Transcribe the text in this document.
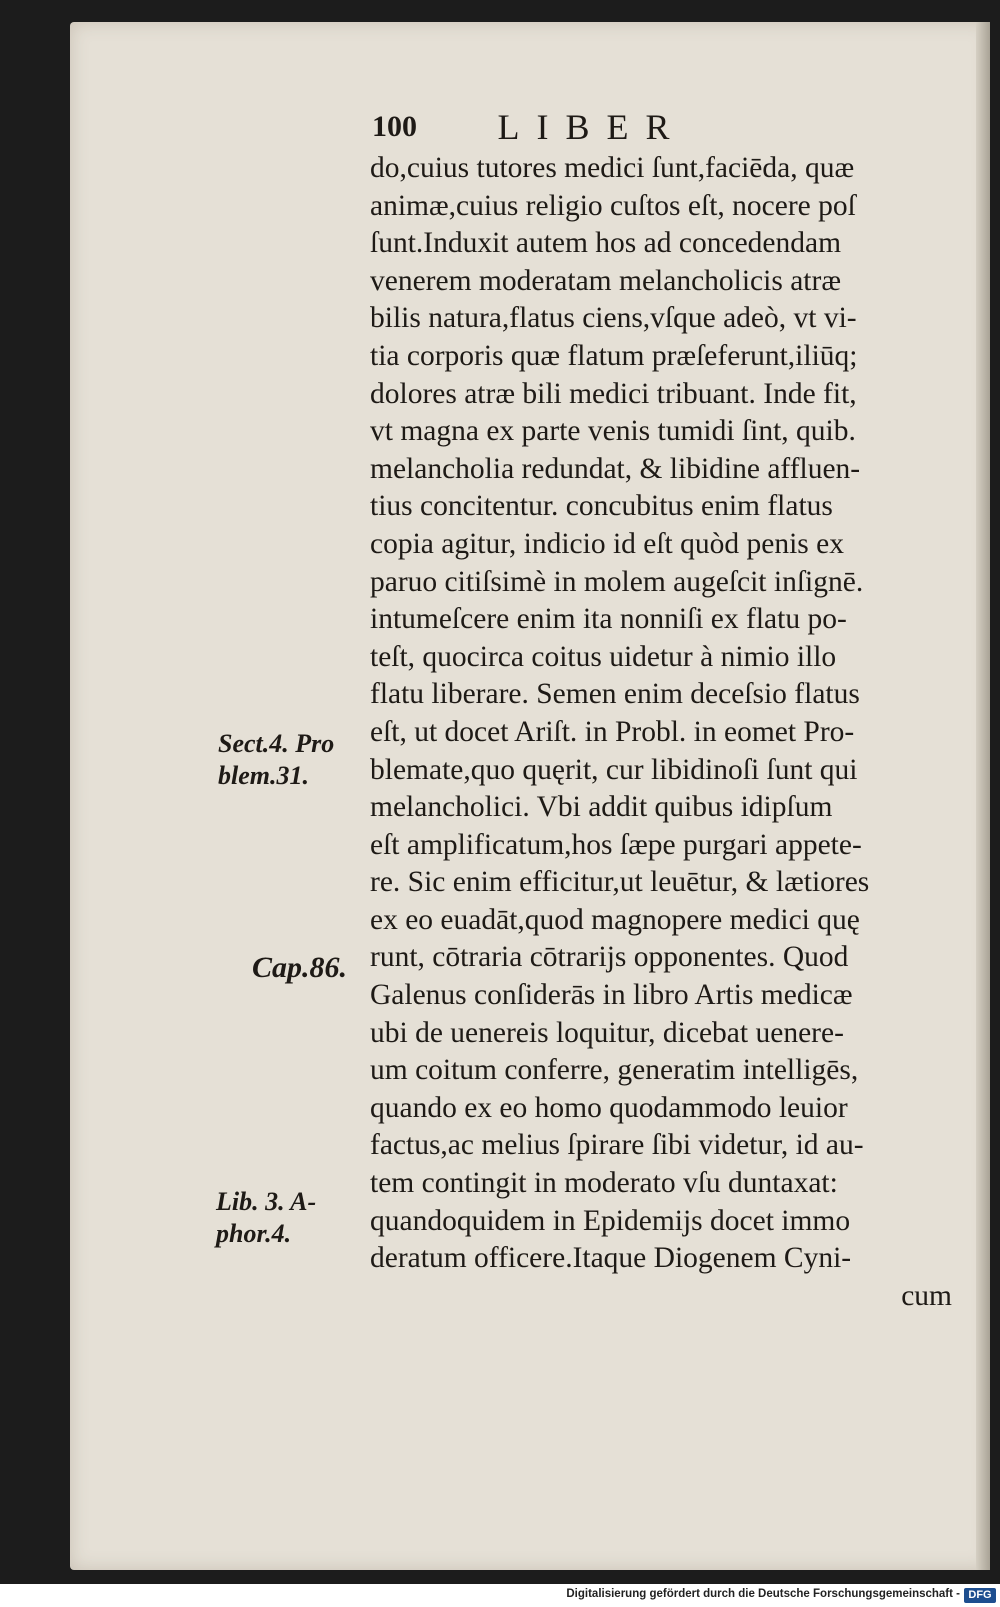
100 LIBER
do,cuius tutores medici ſunt,faciēda, quæ
animæ,cuius religio cuſtos eſt, nocere poſ
ſunt.Induxit autem hos ad concedendam
venerem moderatam melancholicis atræ
bilis natura,flatus ciens,vſque adeò, vt vi-
tia corporis quæ flatum præſeferunt,iliūq;
dolores atræ bili medici tribuant. Inde fit,
vt magna ex parte venis tumidi ſint, quib.
melancholia redundat, & libidine affluen-
tius concitentur. concubitus enim flatus
copia agitur, indicio id eſt quòd penis ex
paruo citiſsimè in molem augeſcit inſignē.
intumeſcere enim ita nonniſi ex flatu po-
teſt, quocirca coitus uidetur à nimio illo
flatu liberare. Semen enim deceſsio flatus
eſt, ut docet Ariſt. in Probl. in eomet Pro-
blemate,quo quęrit, cur libidinoſi ſunt qui
melancholici. Vbi addit quibus idipſum
eſt amplificatum,hos ſæpe purgari appete-
re. Sic enim efficitur,ut leuētur, & lætiores
ex eo euadāt,quod magnopere medici quę
runt, cōtraria cōtrarijs opponentes. Quod
Galenus conſiderās in libro Artis medicæ
ubi de uenereis loquitur, dicebat uenere-
um coitum conferre, generatim intelligēs,
quando ex eo homo quodammodo leuior
factus,ac melius ſpirare ſibi videtur, id au-
tem contingit in moderato vſu duntaxat:
quandoquidem in Epidemijs docet immo
deratum officere.Itaque Diogenem Cyni-
cum
Sect.4. Pro
blem.31.
Cap.86.
Lib. 3. A-
phor.4.
Digitalisierung gefördert durch die Deutsche Forschungsgemeinschaft - DFG
